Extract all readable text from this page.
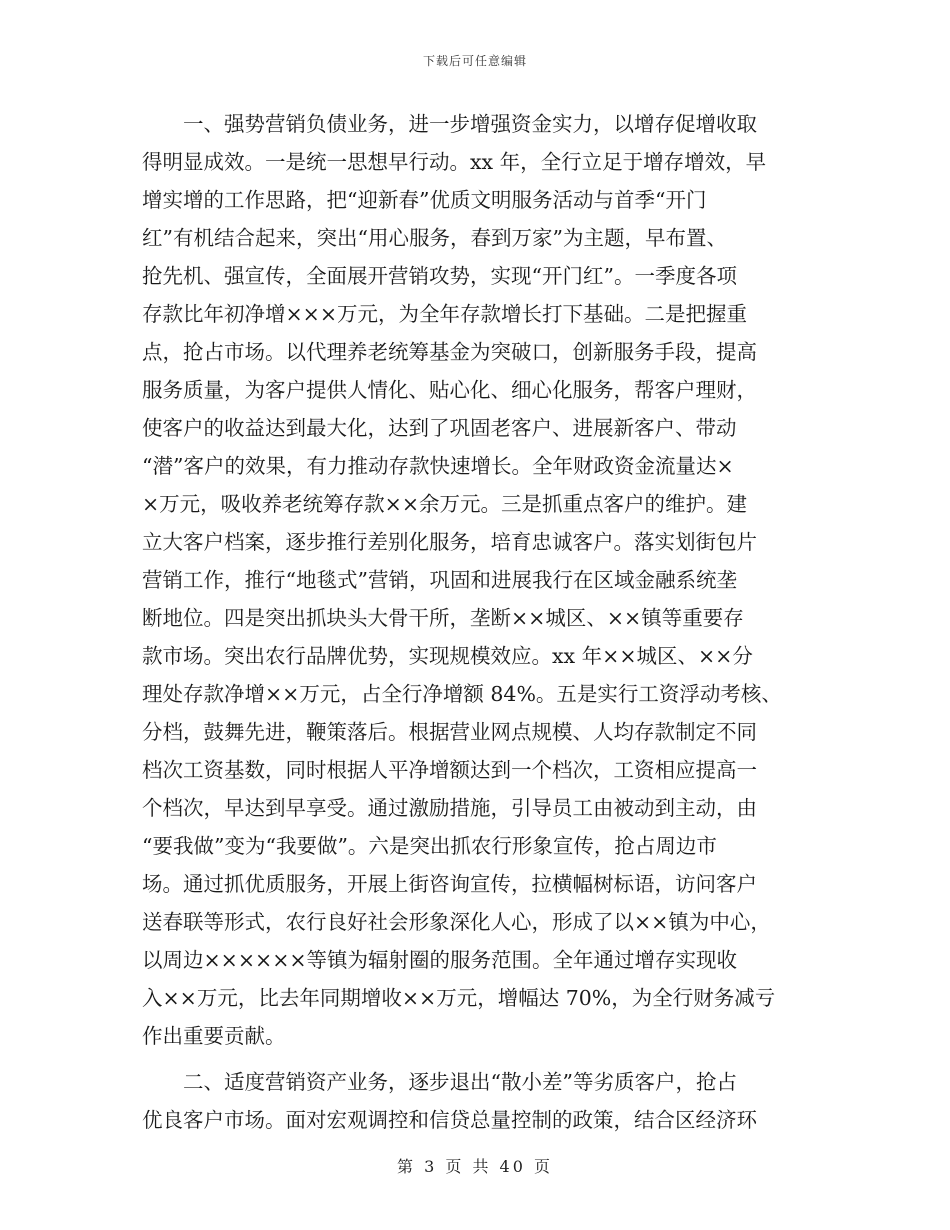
下载后可任意编辑
　　一、强势营销负债业务，进一步增强资金实力，以增存促增收取
得明显成效。一是统一思想早行动。xx 年，全行立足于增存增效，早
增实增的工作思路，把“迎新春”优质文明服务活动与首季“开门
红”有机结合起来，突出“用心服务，春到万家”为主题，早布置、
抢先机、强宣传，全面展开营销攻势，实现“开门红”。一季度各项
存款比年初净增×××万元，为全年存款增长打下基础。二是把握重
点，抢占市场。以代理养老统筹基金为突破口，创新服务手段，提高
服务质量，为客户提供人情化、贴心化、细心化服务，帮客户理财，
使客户的收益达到最大化，达到了巩固老客户、进展新客户、带动
“潜”客户的效果，有力推动存款快速增长。全年财政资金流量达×
×万元，吸收养老统筹存款××余万元。三是抓重点客户的维护。建
立大客户档案，逐步推行差别化服务，培育忠诚客户。落实划街包片
营销工作，推行“地毯式”营销，巩固和进展我行在区域金融系统垄
断地位。四是突出抓块头大骨干所，垄断××城区、××镇等重要存
款市场。突出农行品牌优势，实现规模效应。xx 年××城区、××分
理处存款净增××万元，占全行净增额 84%。五是实行工资浮动考核、
分档，鼓舞先进，鞭策落后。根据营业网点规模、人均存款制定不同
档次工资基数，同时根据人平净增额达到一个档次，工资相应提高一
个档次，早达到早享受。通过激励措施，引导员工由被动到主动，由
“要我做”变为“我要做”。六是突出抓农行形象宣传，抢占周边市
场。通过抓优质服务，开展上街咨询宣传，拉横幅树标语，访问客户
送春联等形式，农行良好社会形象深化人心，形成了以××镇为中心，
以周边××××××等镇为辐射圈的服务范围。全年通过增存实现收
入××万元，比去年同期增收××万元，增幅达 70%，为全行财务减亏
作出重要贡献。
　　二、适度营销资产业务，逐步退出“散小差”等劣质客户，抢占
优良客户市场。面对宏观调控和信贷总量控制的政策，结合区经济环
第 3 页 共 40 页
